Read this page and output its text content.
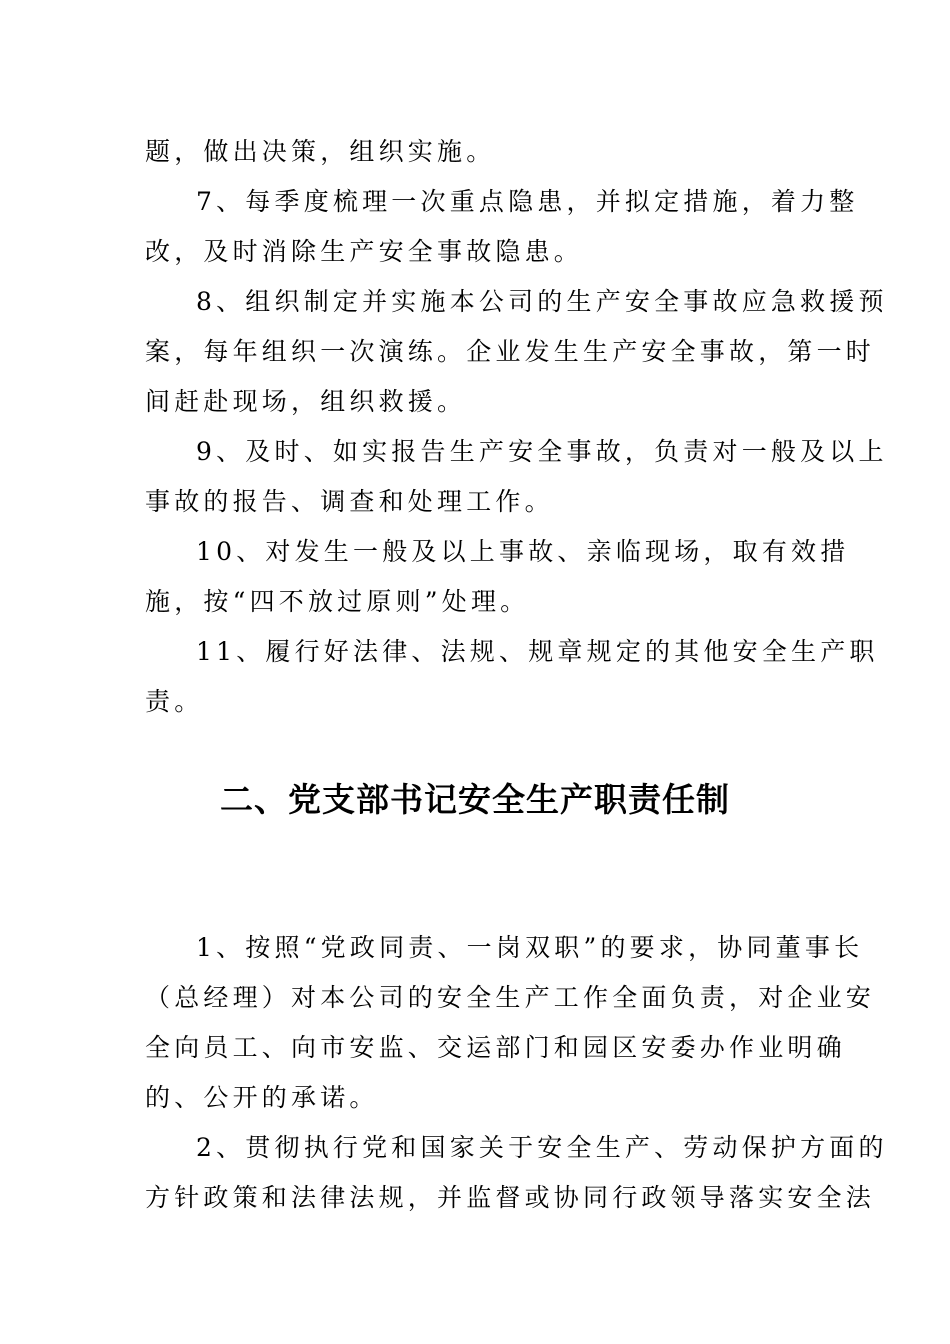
题，做出决策，组织实施。
7、每季度梳理一次重点隐患，并拟定措施，着力整
改，及时消除生产安全事故隐患。
8、组织制定并实施本公司的生产安全事故应急救援预
案，每年组织一次演练。企业发生生产安全事故，第一时
间赶赴现场，组织救援。
9、及时、如实报告生产安全事故，负责对一般及以上
事故的报告、调查和处理工作。
10、对发生一般及以上事故、亲临现场，取有效措
施，按“四不放过原则”处理。
11、履行好法律、法规、规章规定的其他安全生产职
责。
二、党支部书记安全生产职责任制
1、按照“党政同责、一岗双职”的要求，协同董事长
（总经理）对本公司的安全生产工作全面负责，对企业安
全向员工、向市安监、交运部门和园区安委办作业明确
的、公开的承诺。
2、贯彻执行党和国家关于安全生产、劳动保护方面的
方针政策和法律法规，并监督或协同行政领导落实安全法
